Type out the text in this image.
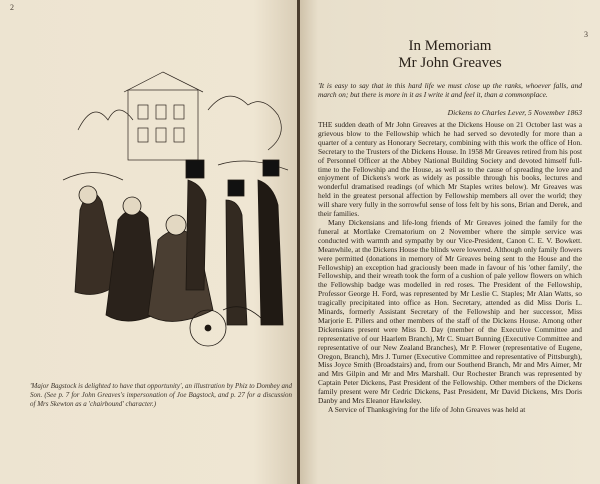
2
'Major Bagstock is delighted to have that opportunity', an illustration by Phiz to Dombey and Son. (See p. 7 for John Greaves's impersonation of Joe Bagstock, and p. 27 for a discussion of Mrs Skewton as a 'chairbound' character.)
3
In Memoriam
Mr John Greaves
'It is easy to say that in this hard life we must close up the ranks, whoever falls, and march on; but there is more in it as I write it and feel it, than a commonplace.
Dickens to Charles Lever, 5 November 1863

THE sudden death of Mr John Greaves at the Dickens House on 21 October last was a grievous blow to the Fellowship which he had served so devotedly for more than a quarter of a century as Honorary Secretary, combining with this work the office of Hon. Secretary to the Trusters of the Dickens House. In 1958 Mr Greaves retired from his post of Personnel Officer at the Abbey National Building Society and devoted himself full-time to the Fellowship and the House, as well as to the cause of spreading the love and enjoyment of Dickens's work as widely as possible through his books, lectures and wonderful dramatised readings (of which Mr Staples writes below). Mr Greaves was held in the greatest personal affection by Fellowship members all over the world; they will share very fully in the sorrowful sense of loss felt by his sons, Brian and Derek, and their families.

Many Dickensians and life-long friends of Mr Greaves joined the family for the funeral at Mortlake Crematorium on 2 November where the simple service was conducted with warmth and sympathy by our Vice-President, Canon C. E. V. Bowkett. Meanwhile, at the Dickens House the blinds were lowered. Although only family flowers were permitted (donations in memory of Mr Greaves being sent to the House and the Fellowship) an exception had graciously been made in favour of his 'other family', the Fellowship, and their wreath took the form of a cushion of pale yellow flowers on which the Fellowship badge was modelled in red roses. The President of the Fellowship, Professor George H. Ford, was represented by Mr Leslie C. Staples; Mr Alan Watts, so tragically precipitated into office as Hon. Secretary, attended as did Miss Doris L. Minards, formerly Assistant Secretary of the Fellowship and her successor, Miss Marjorie E. Pillers and other members of the staff of the Dickens House. Among other Dickensians present were Miss D. Day (member of the Executive Committee and representative of our Haarlem Branch), Mr C. Stuart Bunning (Executive Committee and representative of our New Zealand Branches), Mr P. Flower (representative of Eugene, Oregon, Branch), Mrs J. Turner (Executive Committee and representative of Pittsburgh), Miss Joyce Smith (Broadstairs) and, from our Southend Branch, Mr and Mrs Aimer, Mr and Mrs Gilpin and Mr and Mrs Marshall. Our Rochester Branch was represented by Captain Peter Dickens, Past President of the Fellowship. Other members of the Dickens family present were Mr Cedric Dickens, Past President, Mr David Dickens, Mrs Doris Danby and Mrs Eleanor Hawksley.

A Service of Thanksgiving for the life of John Greaves was held at
